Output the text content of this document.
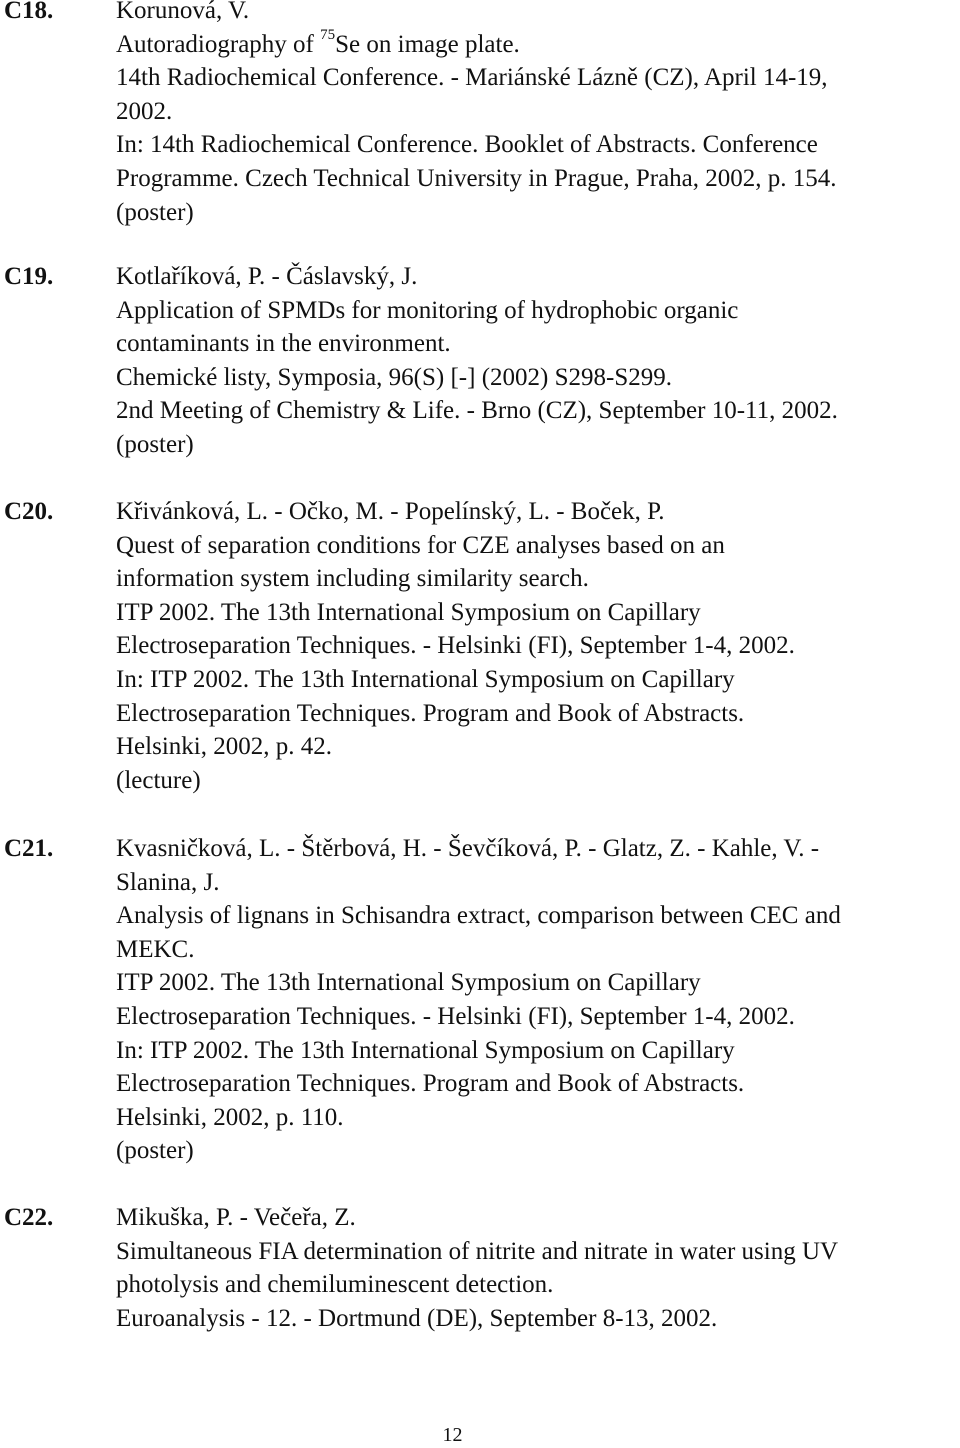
C18.	Korunová, V.
Autoradiography of $^{75}$Se on image plate.
14th Radiochemical Conference. - Mariánské Lázně (CZ), April 14-19,
2002.
In: 14th Radiochemical Conference. Booklet of Abstracts. Conference
Programme. Czech Technical University in Prague, Praha, 2002, p. 154.
(poster)
C19.	Kotlaříková, P. - Čáslavský, J.
Application of SPMDs for monitoring of hydrophobic organic
contaminants in the environment.
Chemické listy, Symposia, 96(S) [-] (2002) S298-S299.
2nd Meeting of Chemistry & Life. - Brno (CZ), September 10-11, 2002.
(poster)
C20.	Křivánková, L. - Očko, M. - Popelínský, L. - Boček, P.
Quest of separation conditions for CZE analyses based on an
information system including similarity search.
ITP 2002. The 13th International Symposium on Capillary
Electroseparation Techniques. - Helsinki (FI), September 1-4, 2002.
In: ITP 2002. The 13th International Symposium on Capillary
Electroseparation Techniques. Program and Book of Abstracts.
Helsinki, 2002, p. 42.
(lecture)
C21.	Kvasničková, L. - Štěrbová, H. - Ševčíková, P. - Glatz, Z. - Kahle, V. -
Slanina, J.
Analysis of lignans in Schisandra extract, comparison between CEC and
MEKC.
ITP 2002. The 13th International Symposium on Capillary
Electroseparation Techniques. - Helsinki (FI), September 1-4, 2002.
In: ITP 2002. The 13th International Symposium on Capillary
Electroseparation Techniques. Program and Book of Abstracts.
Helsinki, 2002, p. 110.
(poster)
C22.	Mikuška, P. - Večeřa, Z.
Simultaneous FIA determination of nitrite and nitrate in water using UV
photolysis and chemiluminescent detection.
Euroanalysis - 12. - Dortmund (DE), September 8-13, 2002.
12
